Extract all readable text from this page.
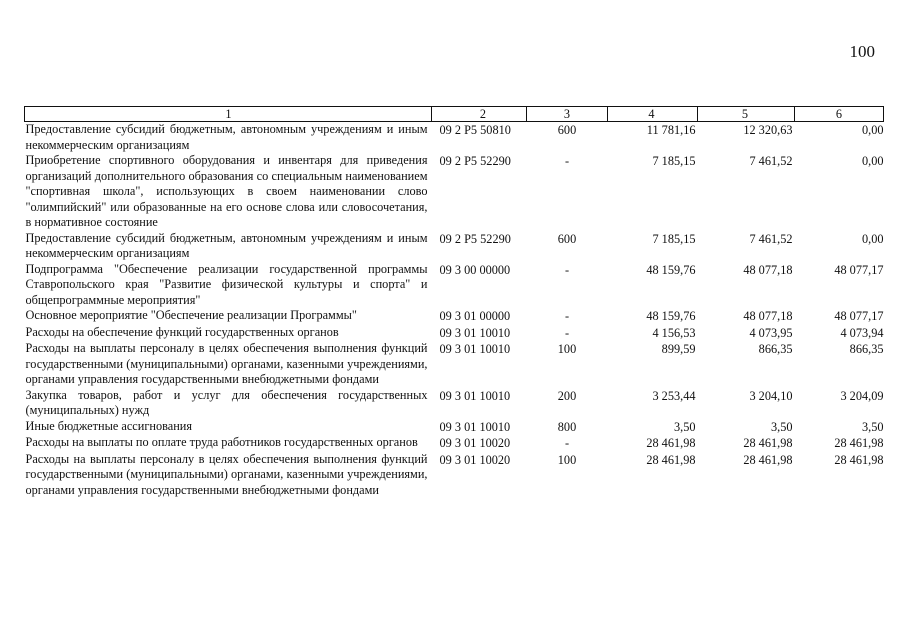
100
1	2	3	4	5	6
Предоставление субсидий бюджетным, автономным учреждениям и иным некоммерческим организациям	09 2 P5 50810	600	11 781,16	12 320,63	0,00
Приобретение спортивного оборудования и инвентаря для приведения организаций дополнительного образования со специальным наименованием "спортивная школа", использующих в своем наименовании слово "олимпийский" или образованные на его основе слова или словосочетания, в нормативное состояние	09 2 P5 52290	-	7 185,15	7 461,52	0,00
Предоставление субсидий бюджетным, автономным учреждениям и иным некоммерческим организациям	09 2 P5 52290	600	7 185,15	7 461,52	0,00
Подпрограмма "Обеспечение реализации государственной программы Ставропольского края "Развитие физической культуры и спорта" и общепрограммные мероприятия"	09 3 00 00000	-	48 159,76	48 077,18	48 077,17
Основное мероприятие "Обеспечение реализации Программы"	09 3 01 00000	-	48 159,76	48 077,18	48 077,17
Расходы на обеспечение функций государственных органов	09 3 01 10010	-	4 156,53	4 073,95	4 073,94
Расходы на выплаты персоналу в целях обеспечения выполнения функций государственными (муниципальными) органами, казенными учреждениями, органами управления государственными внебюджетными фондами	09 3 01 10010	100	899,59	866,35	866,35
Закупка товаров, работ и услуг для обеспечения государственных (муниципальных) нужд	09 3 01 10010	200	3 253,44	3 204,10	3 204,09
Иные бюджетные ассигнования	09 3 01 10010	800	3,50	3,50	3,50
Расходы на выплаты по оплате труда работников государственных органов	09 3 01 10020	-	28 461,98	28 461,98	28 461,98
Расходы на выплаты персоналу в целях обеспечения выполнения функций государственными (муниципальными) органами, казенными учреждениями, органами управления государственными внебюджетными фондами	09 3 01 10020	100	28 461,98	28 461,98	28 461,98
